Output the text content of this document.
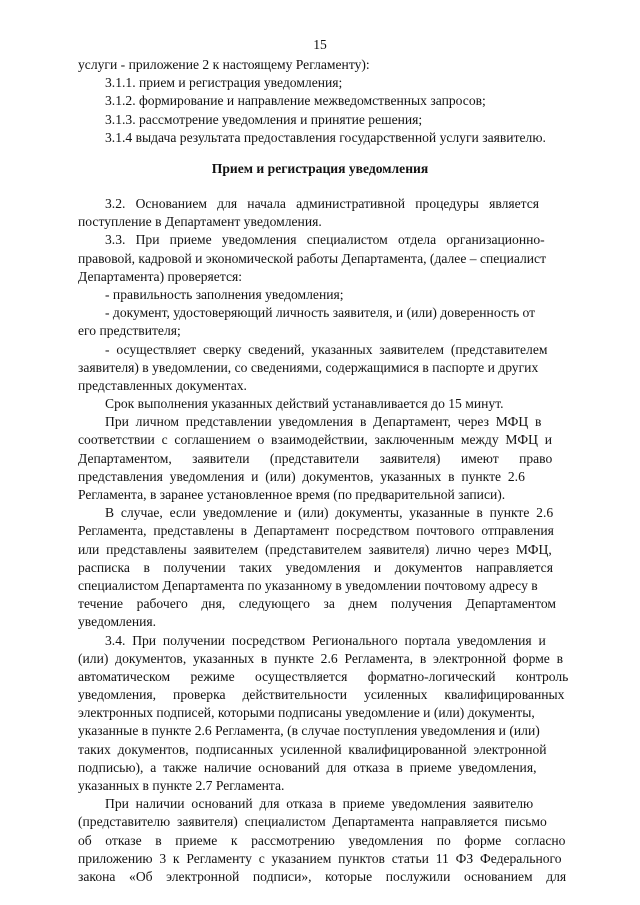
15
услуги - приложение 2 к настоящему Регламенту):
3.1.1. прием и регистрация уведомления;
3.1.2. формирование и направление межведомственных запросов;
3.1.3. рассмотрение уведомления и принятие решения;
3.1.4 выдача результата предоставления государственной услуги заявителю.
Прием и регистрация уведомления
3.2.   Основанием   для   начала   административной   процедуры   является
поступление в Департамент уведомления.
3.3.   При   приеме   уведомления   специалистом   отдела   организационно-
правовой, кадровой и экономической работы Департамента, (далее – специалист
Департамента) проверяется:
- правильность заполнения уведомления;
- документ, удостоверяющий личность заявителя, и (или) доверенность от
его предствителя;
-  осуществляет  сверку  сведений,  указанных  заявителем  (представителем
заявителя) в уведомлении, со сведениями, содержащимися в паспорте и других
представленных документах.
Срок выполнения указанных действий устанавливается до 15 минут.
При  личном  представлении  уведомления  в  Департамент,  через  МФЦ  в
соответствии  с  соглашением  о  взаимодействии,  заключенным  между  МФЦ  и
Департаментом,      заявители      (представители      заявителя)      имеют      право
представления  уведомления  и  (или)  документов,  указанных  в  пункте  2.6
Регламента, в заранее установленное время (по предварительной записи).
В  случае,  если  уведомление  и  (или)  документы,  указанные  в  пункте  2.6
Регламента,  представлены  в  Департамент  посредством  почтового  отправления
или  представлены  заявителем  (представителем  заявителя)  лично  через  МФЦ,
расписка    в    получении    таких    уведомления    и    документов    направляется
специалистом Департамента по указанному в уведомлении почтовому адресу в
течение    рабочего    дня,    следующего    за    днем    получения    Департаментом
уведомления.
3.4.  При  получении  посредством  Регионального  портала  уведомления  и
(или)  документов,  указанных  в  пункте  2.6  Регламента,  в  электронной  форме  в
автоматическом      режиме      осуществляется      форматно-логический      контроль
уведомления,     проверка     действительности     усиленных     квалифицированных
электронных подписей, которыми подписаны уведомление и (или) документы,
указанные в пункте 2.6 Регламента, (в случае поступления уведомления и (или)
таких  документов,  подписанных  усиленной  квалифицированной  электронной
подписью),  а  также  наличие  оснований  для  отказа  в  приеме  уведомления,
указанных в пункте 2.7 Регламента.
При  наличии  оснований  для  отказа  в  приеме  уведомления  заявителю
(представителю  заявителя)  специалистом  Департамента  направляется  письмо
об    отказе    в    приеме    к    рассмотрению    уведомления    по    форме    согласно
приложению  3  к  Регламенту  с  указанием  пунктов  статьи  11  ФЗ  Федерального
закона    «Об    электронной    подписи»,    которые    послужили    основанием    для
